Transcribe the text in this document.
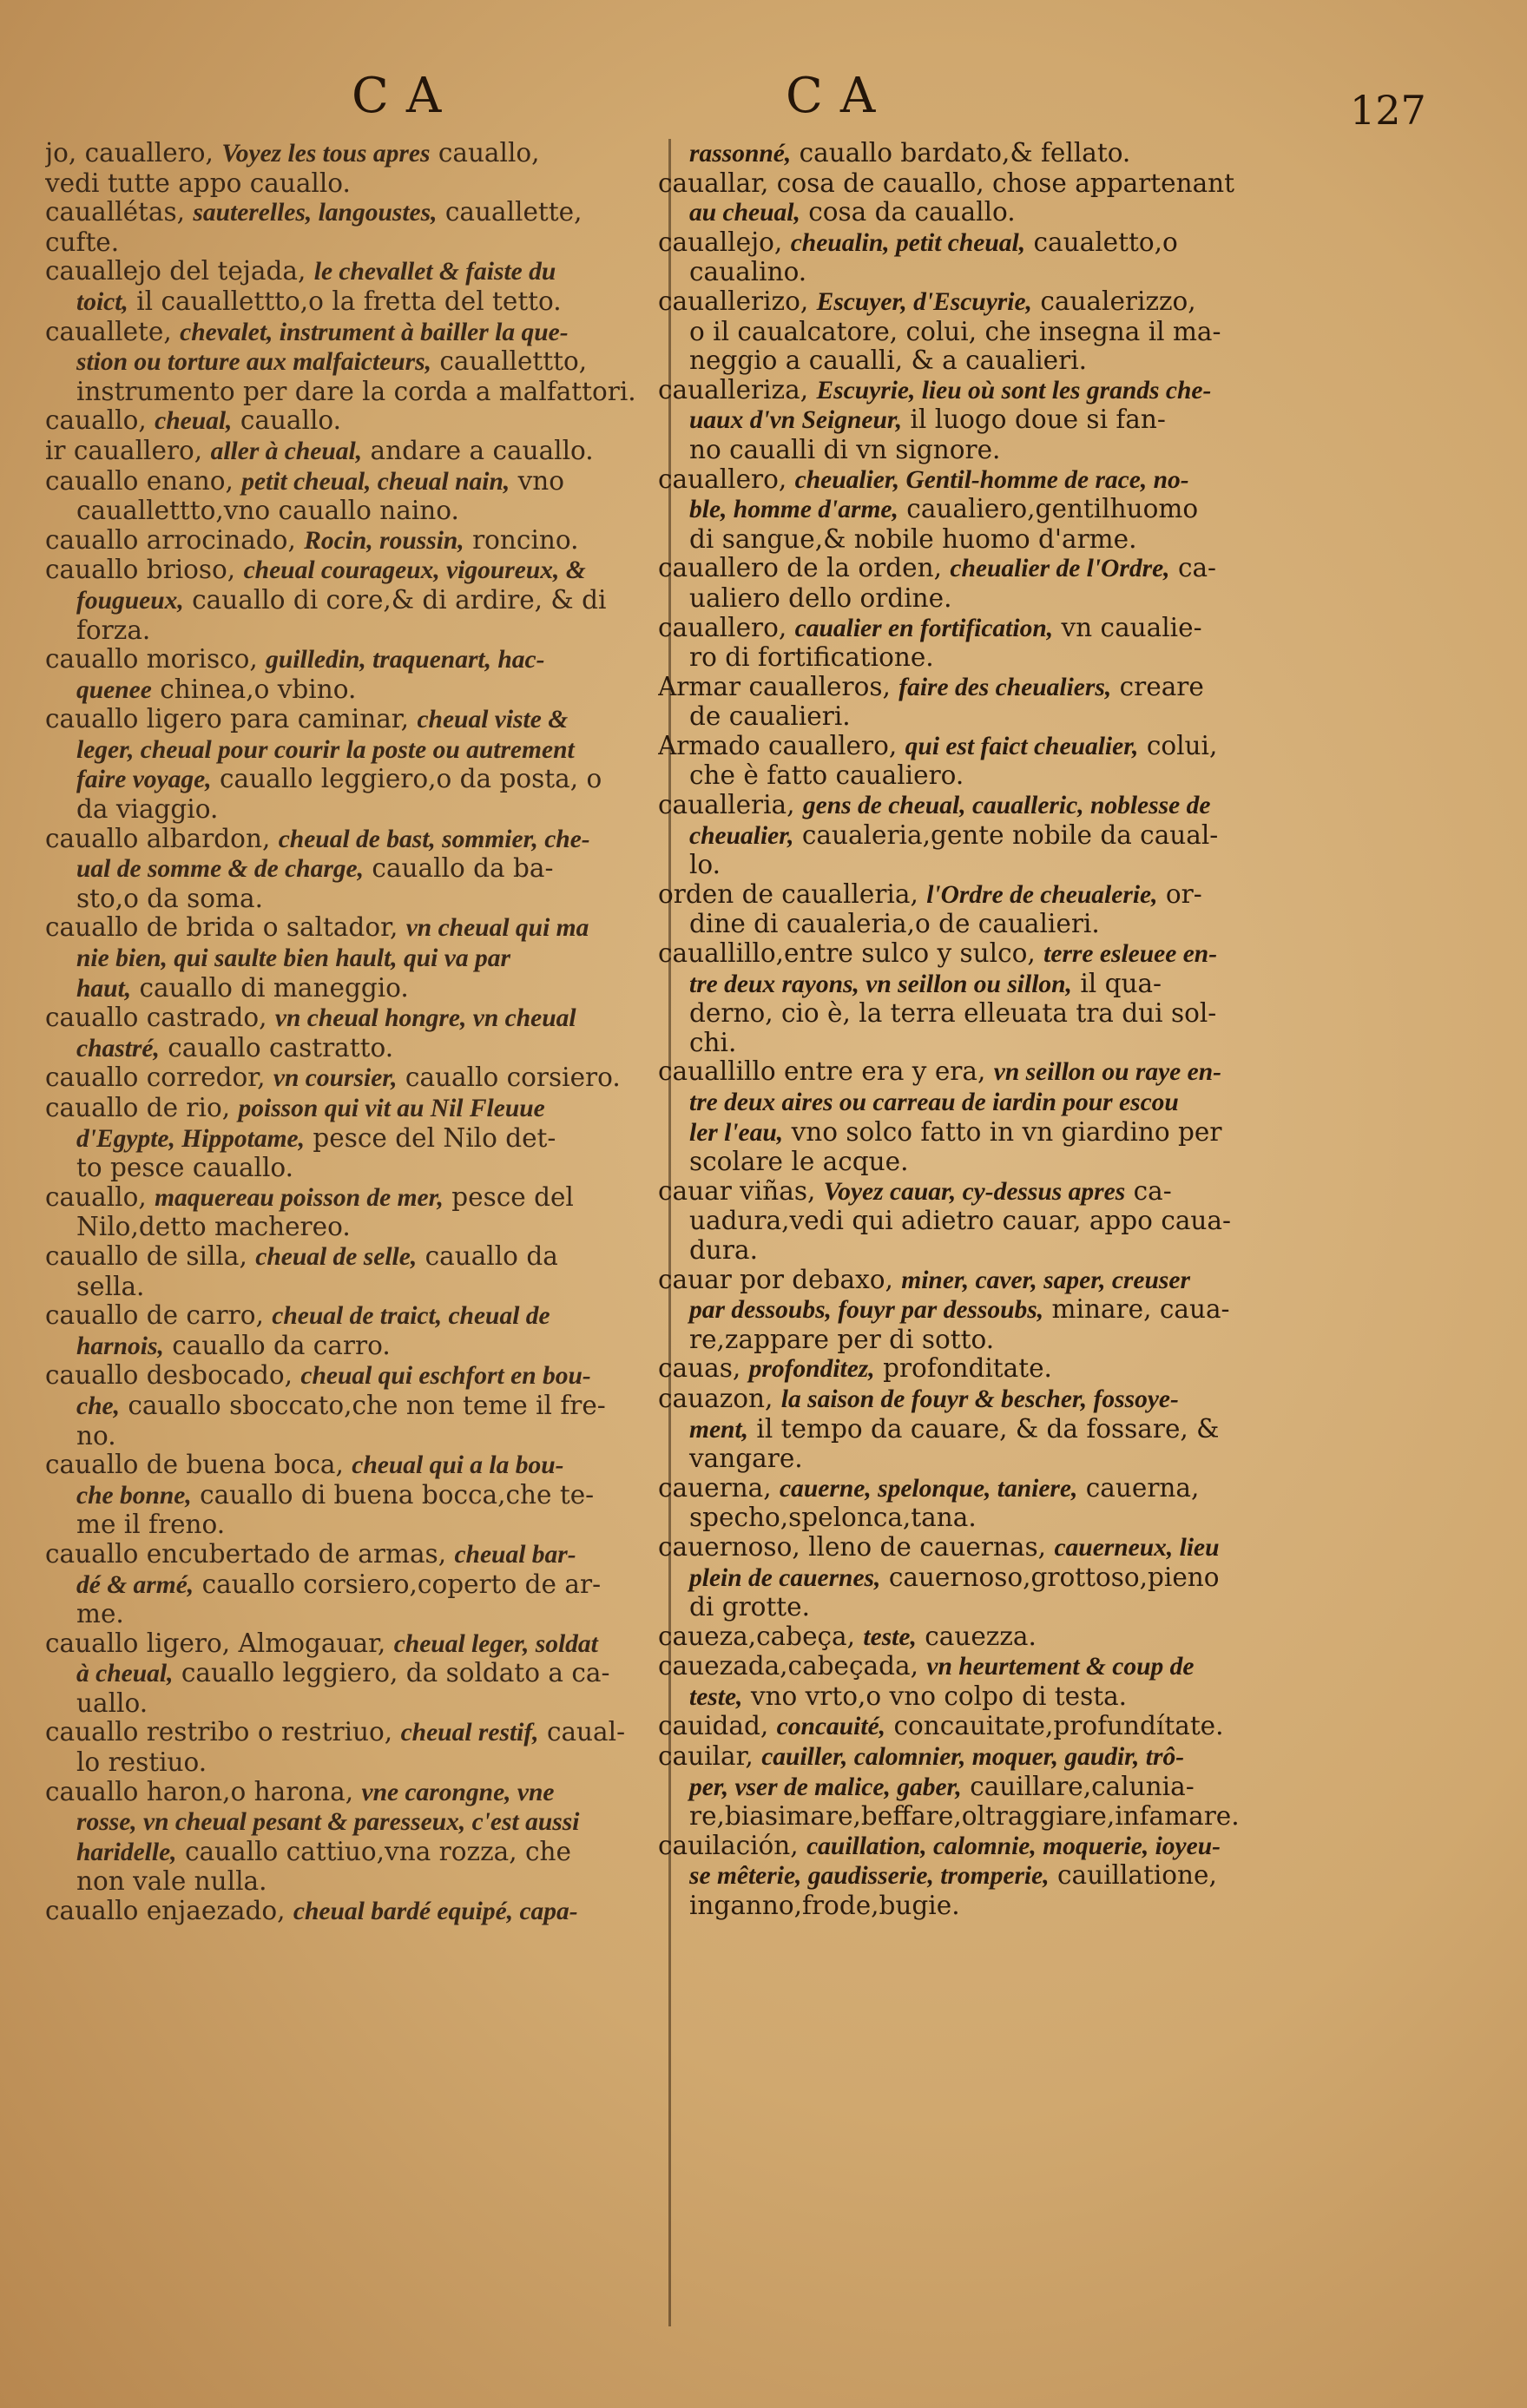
CA	CA	127

jo, cauallero, Voyez les tous apres cauallo,

vedi tutte appo cauallo.

cauallétas, sauterelles, langoustes, cauallette,

cufte.

cauallejo del tejada, le chevallet & faiste du

toict, il cauallettto,o la fretta del tetto.

cauallete, chevalet, instrument à bailler la que-

stion ou torture aux malfaicteurs, cauallettto,

instrumento per dare la corda a malfattori.

cauallo, cheual, cauallo.

ir cauallero, aller à cheual, andare a cauallo.

cauallo enano, petit cheual, cheual nain, vno

cauallettto,vno cauallo naino.

cauallo arrocinado, Rocin, roussin, roncino.

cauallo brioso, cheual courageux, vigoureux, &

fougueux, cauallo di core,& di ardire, & di

forza.

cauallo morisco, guilledin, traquenart, hac-

quenee chinea,o vbino.

cauallo ligero para caminar, cheual viste &

leger, cheual pour courir la poste ou autrement

faire voyage, cauallo leggiero,o da posta, o

da viaggio.

cauallo albardon, cheual de bast, sommier, che-

ual de somme & de charge, cauallo da ba-

sto,o da soma.

cauallo de brida o saltador, vn cheual qui ma

nie bien, qui saulte bien hault, qui va par

haut, cauallo di maneggio.

cauallo castrado, vn cheual hongre, vn cheual

chastré, cauallo castratto.

cauallo corredor, vn coursier, cauallo corsiero.

cauallo de rio, poisson qui vit au Nil Fleuue

d'Egypte, Hippotame, pesce del Nilo det-

to pesce cauallo.

cauallo, maquereau poisson de mer, pesce del

Nilo,detto machereo.

cauallo de silla, cheual de selle, cauallo da

sella.

cauallo de carro, cheual de traict, cheual de

harnois, cauallo da carro.

cauallo desbocado, cheual qui eschfort en bou-

che, cauallo sboccato,che non teme il fre-

no.

cauallo de buena boca, cheual qui a la bou-

che bonne, cauallo di buena bocca,che te-

me il freno.

cauallo encubertado de armas, cheual bar-

dé & armé, cauallo corsiero,coperto de ar-

me.

cauallo ligero, Almogauar, cheual leger, soldat

à cheual, cauallo leggiero, da soldato a ca-

uallo.

cauallo restribo o restriuo, cheual restif, caual-

lo restiuo.

cauallo haron,o harona, vne carongne, vne

rosse, vn cheual pesant & paresseux, c'est aussi

haridelle, cauallo cattiuo,vna rozza, che

non vale nulla.

cauallo enjaezado, cheual bardé equipé, capa-

rassonné, cauallo bardato,& fellato.

cauallar, cosa de cauallo, chose appartenant

au cheual, cosa da cauallo.

cauallejo, cheualin, petit cheual, caualetto,o

caualino.

cauallerizo, Escuyer, d'Escuyrie, caualerizzo,

o il caualcatore, colui, che insegna il ma-

neggio a caualli, & a caualieri.

caualleriza, Escuyrie, lieu où sont les grands che-

uaux d'vn Seigneur, il luogo doue si fan-

no caualli di vn signore.

cauallero, cheualier, Gentil-homme de race, no-

ble, homme d'arme, caualiero,gentilhuomo

di sangue,& nobile huomo d'arme.

cauallero de la orden, cheualier de l'Ordre, ca-

ualiero dello ordine.

cauallero, caualier en fortification, vn caualie-

ro di fortificatione.

Armar caualleros, faire des cheualiers, creare

de caualieri.

Armado cauallero, qui est faict cheualier, colui,

che è fatto caualiero.

caualleria, gens de cheual, caualleric, noblesse de

cheualier, caualeria,gente nobile da caual-

lo.

orden de caualleria, l'Ordre de cheualerie, or-

dine di caualeria,o de caualieri.

cauallillo,entre sulco y sulco, terre esleuee en-

tre deux rayons, vn seillon ou sillon, il qua-

derno, cio è, la terra elleuata tra dui sol-

chi.

cauallillo entre era y era, vn seillon ou raye en-

tre deux aires ou carreau de iardin pour escou

ler l'eau, vno solco fatto in vn giardino per

scolare le acque.

cauar viñas, Voyez cauar, cy-dessus apres ca-

uadura,vedi qui adietro cauar, appo caua-

dura.

cauar por debaxo, miner, caver, saper, creuser

par dessoubs, fouyr par dessoubs, minare, caua-

re,zappare per di sotto.

cauas, profonditez, profonditate.

cauazon, la saison de fouyr & bescher, fossoye-

ment, il tempo da cauare, & da fossare, &

vangare.

cauerna, cauerne, spelonque, taniere, cauerna,

specho,spelonca,tana.

cauernoso, lleno de cauernas, cauerneux, lieu

plein de cauernes, cauernoso,grottoso,pieno

di grotte.

caueza,cabeça, teste, cauezza.

cauezada,cabeçada, vn heurtement & coup de

teste, vno vrto,o vno colpo di testa.

cauidad, concauité, concauitate,profundítate.

cauilar, cauiller, calomnier, moquer, gaudir, trô-

per, vser de malice, gaber, cauillare,calunia-

re,biasimare,beffare,oltraggiare,infamare.

cauilación, cauillation, calomnie, moquerie, ioyeu-

se mêterie, gaudisserie, tromperie, cauillatione,

inganno,frode,bugie.
